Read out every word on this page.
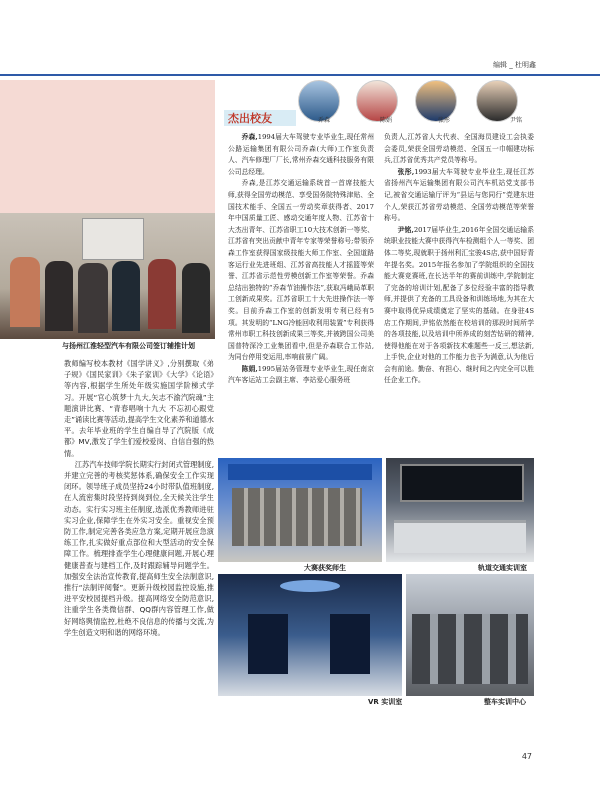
编辑 _ 杜明鑫
与扬州江淮轻型汽车有限公司签订辅推计划

教师编写校本教材《国学讲义》,分别撰取《弟子规》《国民家训》《朱子家训》《大学》《论语》等内容,根据学生所处年级实施国学阶梯式学习。开展“官心筑梦十九大,矢志不渝汽院魂”主题演讲比赛、“青春唱响十九大 不忘初心跟党走”诵读比赛等活动,提高学生文化素养和道德水平。去年毕业班的学生自编自导了汽院版《成都》MV,激发了学生们爱校爱岗、自信自强的热情。

江苏汽车技师学院长期实行封闭式管理制度,并建立完善的考核奖惩体系,确保安全工作实现闭环。领导班子成员坚持24小时带队值班制度,在人流密集时段坚持到岗到位,全天候关注学生动态。实行实习班主任制度,选派优秀教师进驻实习企业,保障学生在外实习安全。重视安全预防工作,制定完善各类应急方案,定期开展应急演练工作,扎实做好重点部位和大型活动的安全保障工作。梳理排查学生心理健康问题,开展心理健康普查与建档工作,及时跟踪辅导问题学生。加强安全法治宣传教育,提高师生安全法制意识,推行“法制评阅餐”。更新升级校园监控设施,推进平安校园提档升级。提高网络安全防范意识,注重学生各类微信群、QQ群内容管理工作,做好网络舆情监控,杜绝不良信息的传播与交流,为学生创造文明和谐的网络环境。

杰出校友	乔森	陈娟	张彤	尹铭

乔森,1994届大车驾驶专业毕业生,现任常州公路运输集团有限公司乔森(大师)工作室负责人、汽车修理厂厂长,常州乔森交通科技服务有限公司总经理。

乔森,是江苏交通运输系统首一首席技能大师,获得全国劳动模范、享受国务院特殊津贴、全国技术能手、全国五一劳动奖章获得者、2017年中国质量工匠、感动交通年度人物、江苏省十大杰出青年、江苏省职工10大技术创新一等奖、江苏省有突出贡献中青年专家等荣誉称号;带领乔森工作室获得国家级技能大师工作室、全国道路客运行业先进班组、江苏省高技能人才摇篮等荣誉、江苏省示范性劳模创新工作室等荣誉。乔森总结出独特的“乔森节油操作法”,获取冯峨局革职工创新成果奖。江苏省职工十大先进操作法一等奖。目前乔森工作室的创新发明专利已经有5项。其发明的“LNG冷能回收利用装置”专利获得常州市职工科技创新成果三等奖,并被跨国公司美国普特深冷工业集团看中,但是乔森联合工作站,为同台停用变运用,率响前景广阔。

陈娟,1995届站务管理专业毕业生,现任南京汽车客运站工会副主席、李站爱心服务班

负责人,江苏省人大代表、全国海员建设工会执委会委员,荣获全国劳动模范、全国五一巾帼建功标兵,江苏省优秀共产党员等称号。

张彤,1993届大车驾驶专业毕业生,现任江苏省扬州汽车运输集团有限公司汽车机站党支部书记,被省交通运输厅评为“县运与您同行”党建东进个人,荣获江苏省劳动模范、全国劳动模范等荣誉称号。

尹铭,2017届毕业生,2016年全国交通运输系统职业技能大赛中获得汽车检测组个人一等奖、团体二等奖,现就职于扬州利汇宝骏4S店,获中国好青年提名奖。2015年报名参加了学院组织的全国技能大赛竞赛班,在长达半年的赛前训练中,学院制定了完备的培训计划,配备了多位经验丰富的指导教师,并提供了充备的工具设备和训练场地,为其在大赛中取得优异成绩奠定了坚实的基础。在身驻4S店工作期间,尹铭依然能在校培训的那段时间所学的各项技能,以及培训中所养成的刻苦钻研的精神,使得他能在对于各项新技术难题些一反三,想法新,上手快,企业对他的工作能力也予为满意,认为他后会有前途。勤奋、有担心、继时间之内完全可以胜任企业工作。

大赛获奖师生	轨道交通实训室
VR 实训室	整车实训中心
47
